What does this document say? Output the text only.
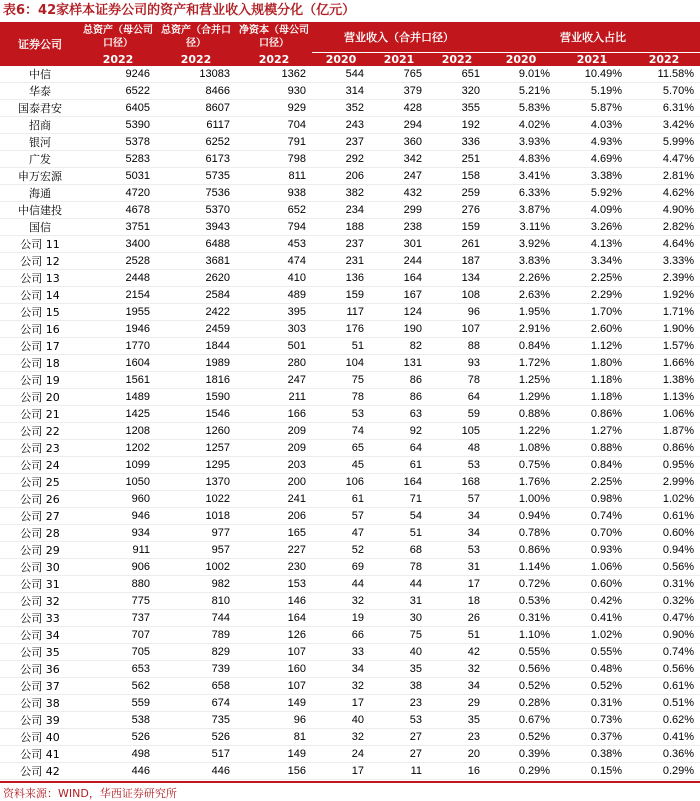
表6：42家样本证券公司的资产和营业收入规模分化（亿元）
证券公司	总资产（母公司口径）	总资产（合并口径）	净资本（母公司口径）	营业收入（合并口径）			营业收入占比		
	2022	2022	2022	2020	2021	2022	2020	2021	2022
中信	9246	13083	1362	544	765	651	9.01%	10.49%	11.58%
华泰	6522	8466	930	314	379	320	5.21%	5.19%	5.70%
国泰君安	6405	8607	929	352	428	355	5.83%	5.87%	6.31%
招商	5390	6117	704	243	294	192	4.02%	4.03%	3.42%
银河	5378	6252	791	237	360	336	3.93%	4.93%	5.99%
广发	5283	6173	798	292	342	251	4.83%	4.69%	4.47%
申万宏源	5031	5735	811	206	247	158	3.41%	3.38%	2.81%
海通	4720	7536	938	382	432	259	6.33%	5.92%	4.62%
中信建投	4678	5370	652	234	299	276	3.87%	4.09%	4.90%
国信	3751	3943	794	188	238	159	3.11%	3.26%	2.82%
公司 11	3400	6488	453	237	301	261	3.92%	4.13%	4.64%
公司 12	2528	3681	474	231	244	187	3.83%	3.34%	3.33%
公司 13	2448	2620	410	136	164	134	2.26%	2.25%	2.39%
公司 14	2154	2584	489	159	167	108	2.63%	2.29%	1.92%
公司 15	1955	2422	395	117	124	96	1.95%	1.70%	1.71%
公司 16	1946	2459	303	176	190	107	2.91%	2.60%	1.90%
公司 17	1770	1844	501	51	82	88	0.84%	1.12%	1.57%
公司 18	1604	1989	280	104	131	93	1.72%	1.80%	1.66%
公司 19	1561	1816	247	75	86	78	1.25%	1.18%	1.38%
公司 20	1489	1590	211	78	86	64	1.29%	1.18%	1.13%
公司 21	1425	1546	166	53	63	59	0.88%	0.86%	1.06%
公司 22	1208	1260	209	74	92	105	1.22%	1.27%	1.87%
公司 23	1202	1257	209	65	64	48	1.08%	0.88%	0.86%
公司 24	1099	1295	203	45	61	53	0.75%	0.84%	0.95%
公司 25	1050	1370	200	106	164	168	1.76%	2.25%	2.99%
公司 26	960	1022	241	61	71	57	1.00%	0.98%	1.02%
公司 27	946	1018	206	57	54	34	0.94%	0.74%	0.61%
公司 28	934	977	165	47	51	34	0.78%	0.70%	0.60%
公司 29	911	957	227	52	68	53	0.86%	0.93%	0.94%
公司 30	906	1002	230	69	78	31	1.14%	1.06%	0.56%
公司 31	880	982	153	44	44	17	0.72%	0.60%	0.31%
公司 32	775	810	146	32	31	18	0.53%	0.42%	0.32%
公司 33	737	744	164	19	30	26	0.31%	0.41%	0.47%
公司 34	707	789	126	66	75	51	1.10%	1.02%	0.90%
公司 35	705	829	107	33	40	42	0.55%	0.55%	0.74%
公司 36	653	739	160	34	35	32	0.56%	0.48%	0.56%
公司 37	562	658	107	32	38	34	0.52%	0.52%	0.61%
公司 38	559	674	149	17	23	29	0.28%	0.31%	0.51%
公司 39	538	735	96	40	53	35	0.67%	0.73%	0.62%
公司 40	526	526	81	32	27	23	0.52%	0.37%	0.41%
公司 41	498	517	149	24	27	20	0.39%	0.38%	0.36%
公司 42	446	446	156	17	11	16	0.29%	0.15%	0.29%
资料来源：WIND，华西证券研究所
